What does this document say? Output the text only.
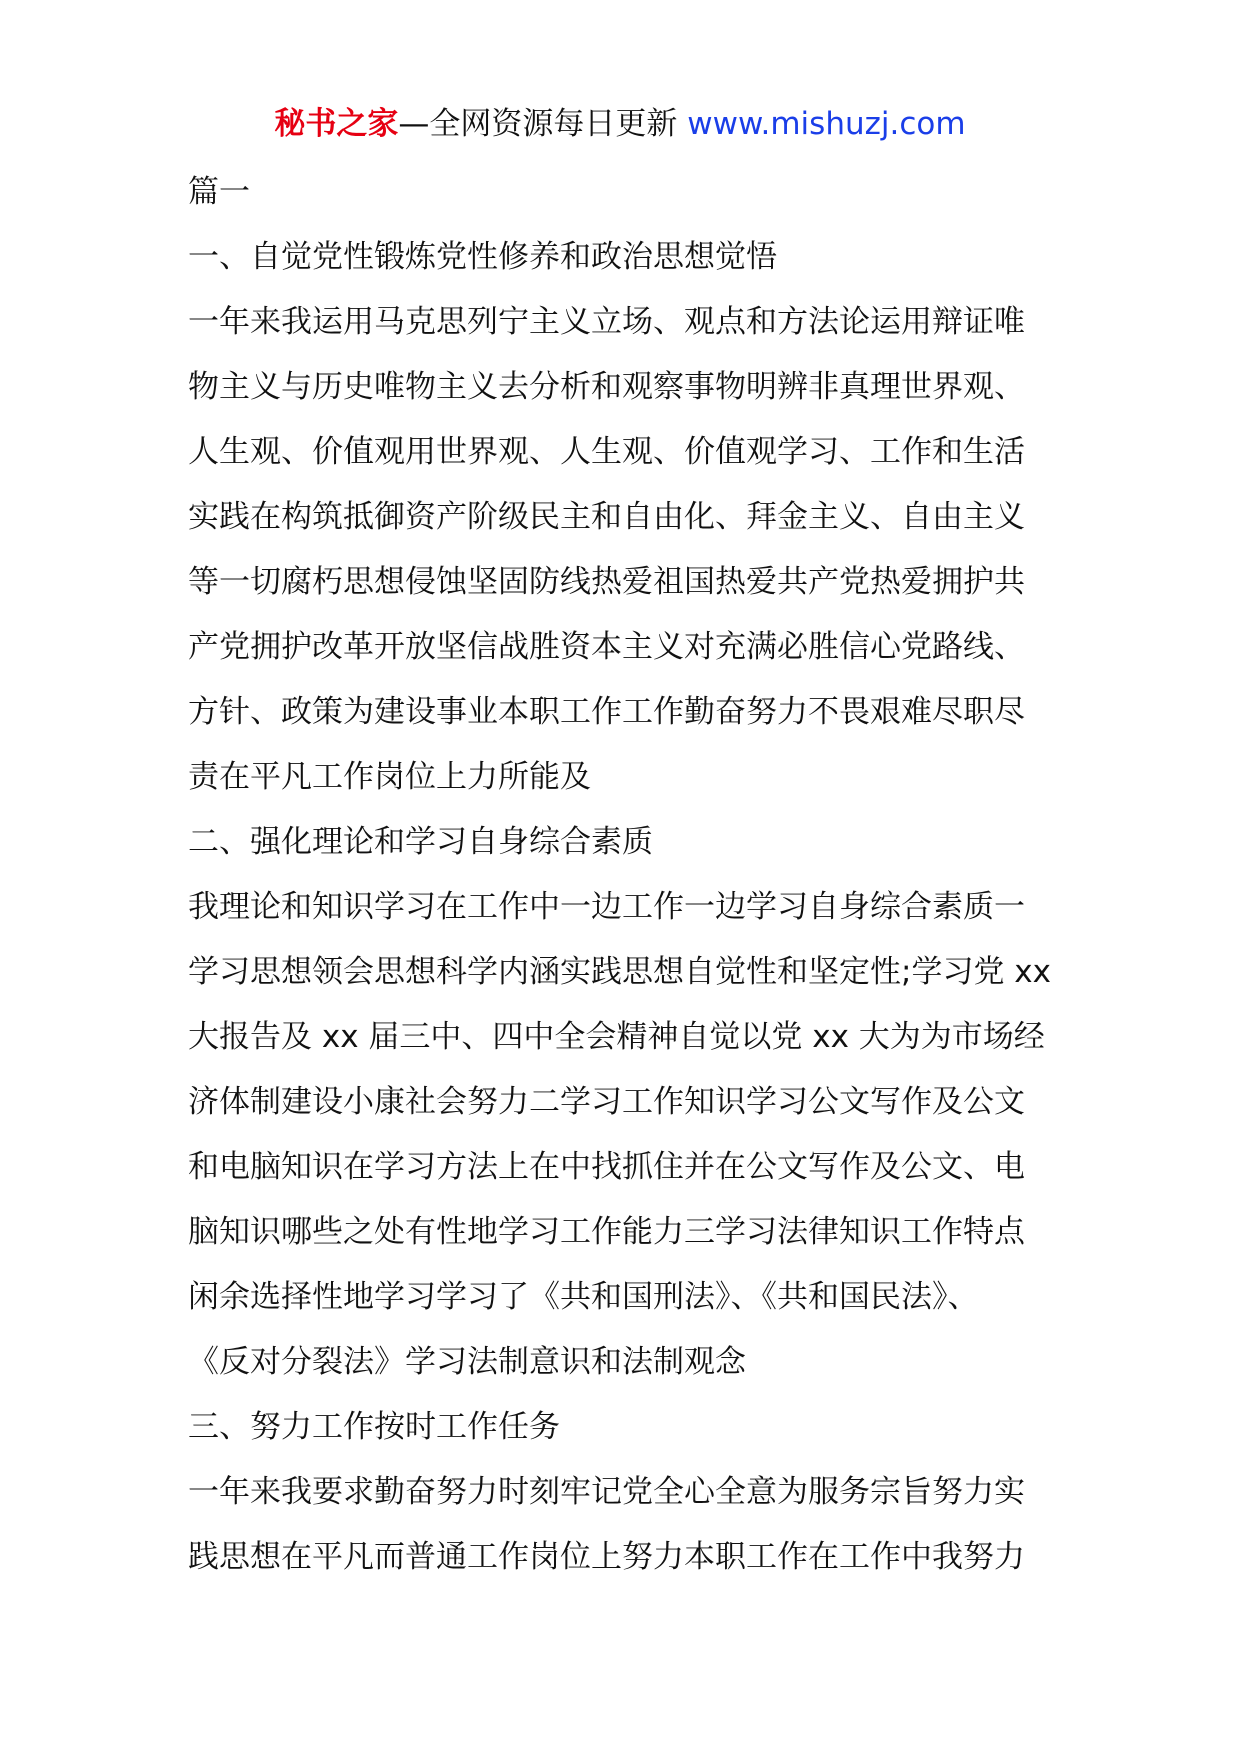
秘书之家—全网资源每日更新 www.mishuzj.com
篇一
一、自觉党性锻炼党性修养和政治思想觉悟
一年来我运用马克思列宁主义立场、观点和方法论运用辩证唯
物主义与历史唯物主义去分析和观察事物明辨非真理世界观、
人生观、价值观用世界观、人生观、价值观学习、工作和生活
实践在构筑抵御资产阶级民主和自由化、拜金主义、自由主义
等一切腐朽思想侵蚀坚固防线热爱祖国热爱共产党热爱拥护共
产党拥护改革开放坚信战胜资本主义对充满必胜信心党路线、
方针、政策为建设事业本职工作工作勤奋努力不畏艰难尽职尽
责在平凡工作岗位上力所能及
二、强化理论和学习自身综合素质
我理论和知识学习在工作中一边工作一边学习自身综合素质一
学习思想领会思想科学内涵实践思想自觉性和坚定性;学习党 xx
大报告及 xx 届三中、四中全会精神自觉以党 xx 大为为市场经
济体制建设小康社会努力二学习工作知识学习公文写作及公文
和电脑知识在学习方法上在中找抓住并在公文写作及公文、电
脑知识哪些之处有性地学习工作能力三学习法律知识工作特点
闲余选择性地学习学习了《共和国刑法》、《共和国民法》、
《反对分裂法》学习法制意识和法制观念
三、努力工作按时工作任务
一年来我要求勤奋努力时刻牢记党全心全意为服务宗旨努力实
践思想在平凡而普通工作岗位上努力本职工作在工作中我努力
